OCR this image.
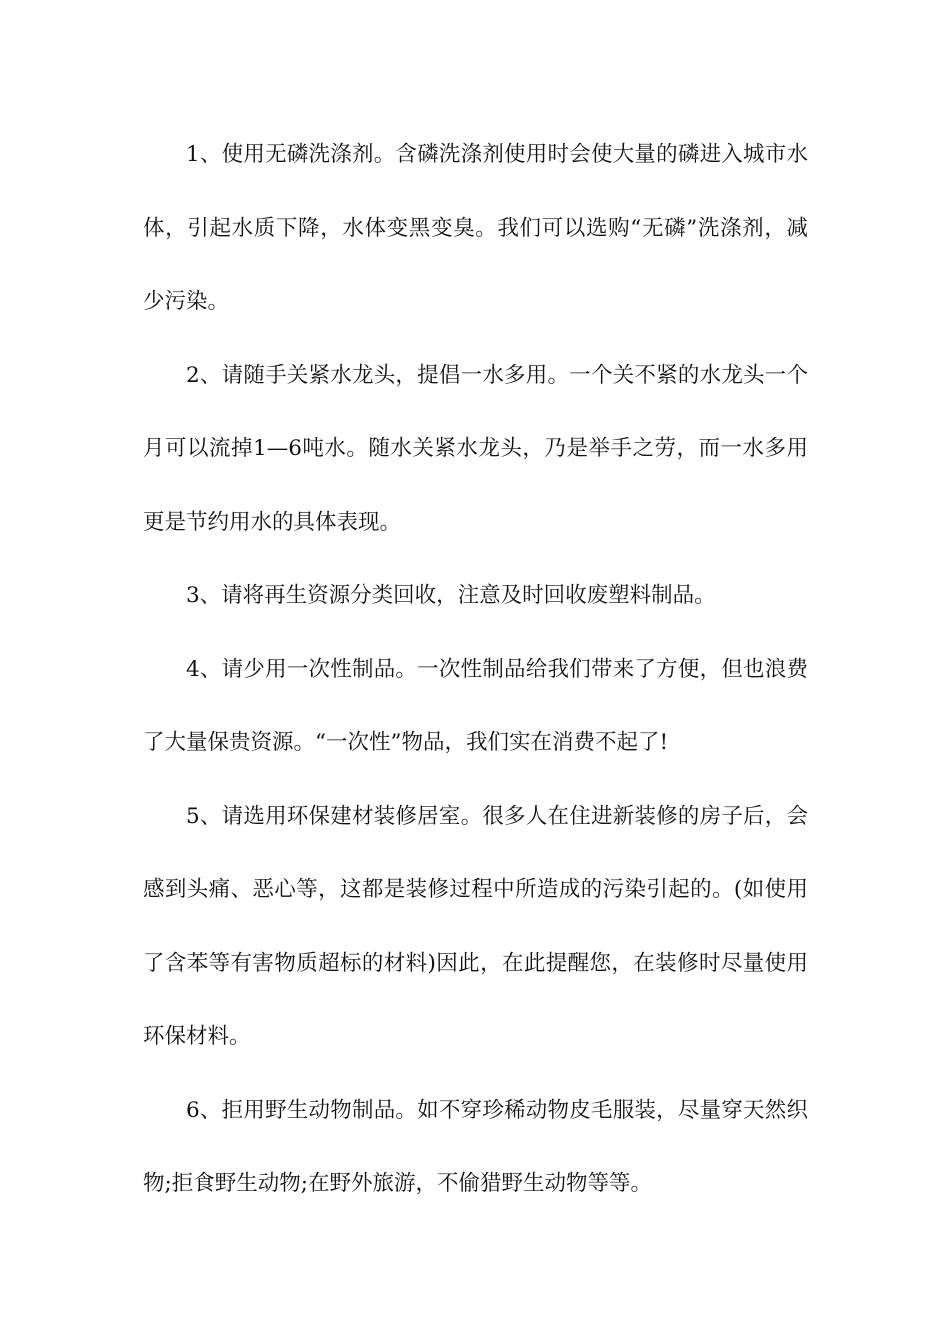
1、使用无磷洗涤剂。含磷洗涤剂使用时会使大量的磷进入城市水体，引起水质下降，水体变黑变臭。我们可以选购“无磷”洗涤剂，减少污染。

2、请随手关紧水龙头，提倡一水多用。一个关不紧的水龙头一个月可以流掉1—6吨水。随水关紧水龙头，乃是举手之劳，而一水多用更是节约用水的具体表现。

3、请将再生资源分类回收，注意及时回收废塑料制品。

4、请少用一次性制品。一次性制品给我们带来了方便，但也浪费了大量保贵资源。“一次性”物品，我们实在消费不起了!

5、请选用环保建材装修居室。很多人在住进新装修的房子后，会感到头痛、恶心等，这都是装修过程中所造成的污染引起的。(如使用了含苯等有害物质超标的材料)因此，在此提醒您，在装修时尽量使用环保材料。

6、拒用野生动物制品。如不穿珍稀动物皮毛服装，尽量穿天然织物;拒食野生动物;在野外旅游，不偷猎野生动物等等。
